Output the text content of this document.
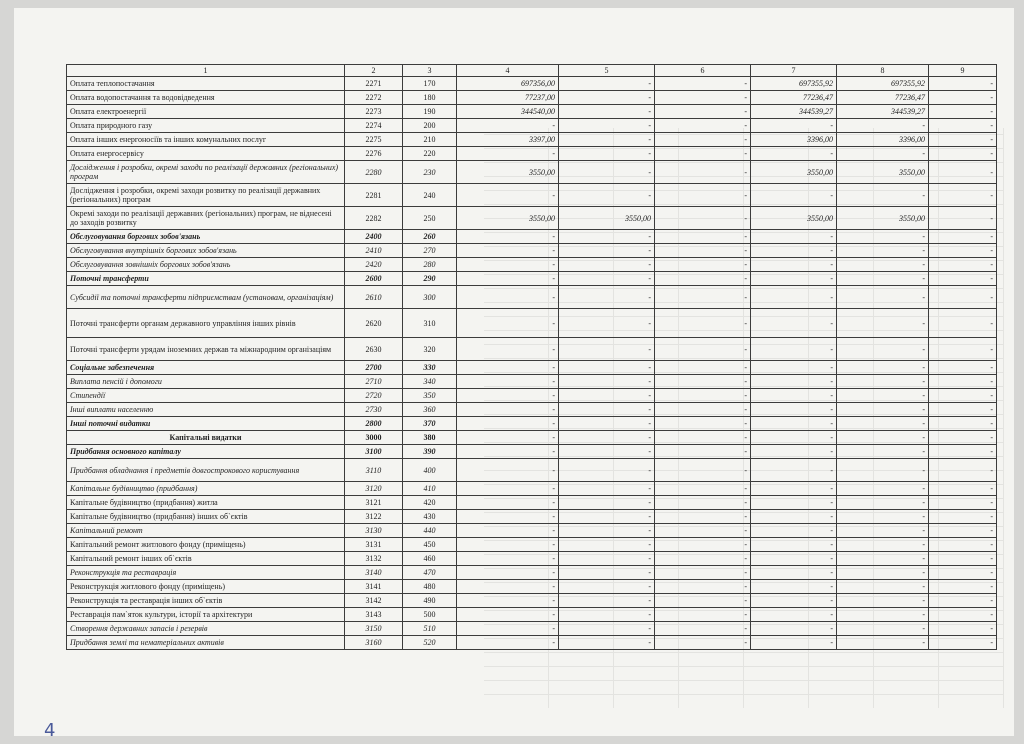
1	2	3	4	5	6	7	8	9
Оплата теплопостачання	2271	170	697356,00	-	-	697355,92	697355,92	-
Оплата водопостачання та водовідведення	2272	180	77237,00	-	-	77236,47	77236,47	-
Оплата електроенергії	2273	190	344540,00	-	-	344539,27	344539,27	-
Оплата природного газу	2274	200	-	-	-	-	-	-
Оплата інших енергоносіїв та інших комунальних послуг	2275	210	3397,00	-	-	3396,00	3396,00	-
Оплата енергосервісу	2276	220	-	-	-	-	-	-
Дослідження і розробки, окремі заходи по реалізації державних (регіональних) програм	2280	230	3550,00	-	-	3550,00	3550,00	-
Дослідження і розробки, окремі заходи розвитку по реалізації державних (регіональних) програм	2281	240	-	-	-	-	-	-
Окремі заходи по реалізації державних (регіональних) програм, не віднесені до заходів розвитку	2282	250	3550,00	3550,00	-	3550,00	3550,00	-
Обслуговування боргових зобов'язань	2400	260	-	-	-	-	-	-
Обслуговування внутрішніх боргових зобов'язань	2410	270	-	-	-	-	-	-
Обслуговування зовнішніх боргових зобов'язань	2420	280	-	-	-	-	-	-
Поточні трансферти	2600	290	-	-	-	-	-	-
Субсидії та поточні трансферти підприємствам (установам, організаціям)	2610	300	-	-	-	-	-	-
Поточні трансферти органам державного управління інших рівнів	2620	310	-	-	-	-	-	-
Поточні трансферти урядам іноземних держав та міжнародним організаціям	2630	320	-	-	-	-	-	-
Соціальне забезпечення	2700	330	-	-	-	-	-	-
Виплата пенсій і допомоги	2710	340	-	-	-	-	-	-
Стипендії	2720	350	-	-	-	-	-	-
Інші виплати населенню	2730	360	-	-	-	-	-	-
Інші поточні видатки	2800	370	-	-	-	-	-	-
Капітальні видатки	3000	380	-	-	-	-	-	-
Придбання основного капіталу	3100	390	-	-	-	-	-	-
Придбання обладнання і предметів довгострокового користування	3110	400	-	-	-	-	-	-
Капітальне будівництво (придбання)	3120	410	-	-	-	-	-	-
Капітальне будівництво (придбання) житла	3121	420	-	-	-	-	-	-
Капітальне будівництво (придбання) інших об`єктів	3122	430	-	-	-	-	-	-
Капітальний ремонт	3130	440	-	-	-	-	-	-
Капітальний ремонт житлового фонду (приміщень)	3131	450	-	-	-	-	-	-
Капітальний ремонт інших об`єктів	3132	460	-	-	-	-	-	-
Реконструкція та реставрація	3140	470	-	-	-	-	-	-
Реконструкція житлового фонду (приміщень)	3141	480	-	-	-	-	-	-
Реконструкція та реставрація інших об`єктів	3142	490	-	-	-	-	-	-
Реставрація пам`яток культури, історії та архітектури	3143	500	-	-	-	-	-	-
Створення державних запасів і резервів	3150	510	-	-	-	-	-	-
Придбання землі та нематеріальних активів	3160	520	-	-	-	-	-	-
4
